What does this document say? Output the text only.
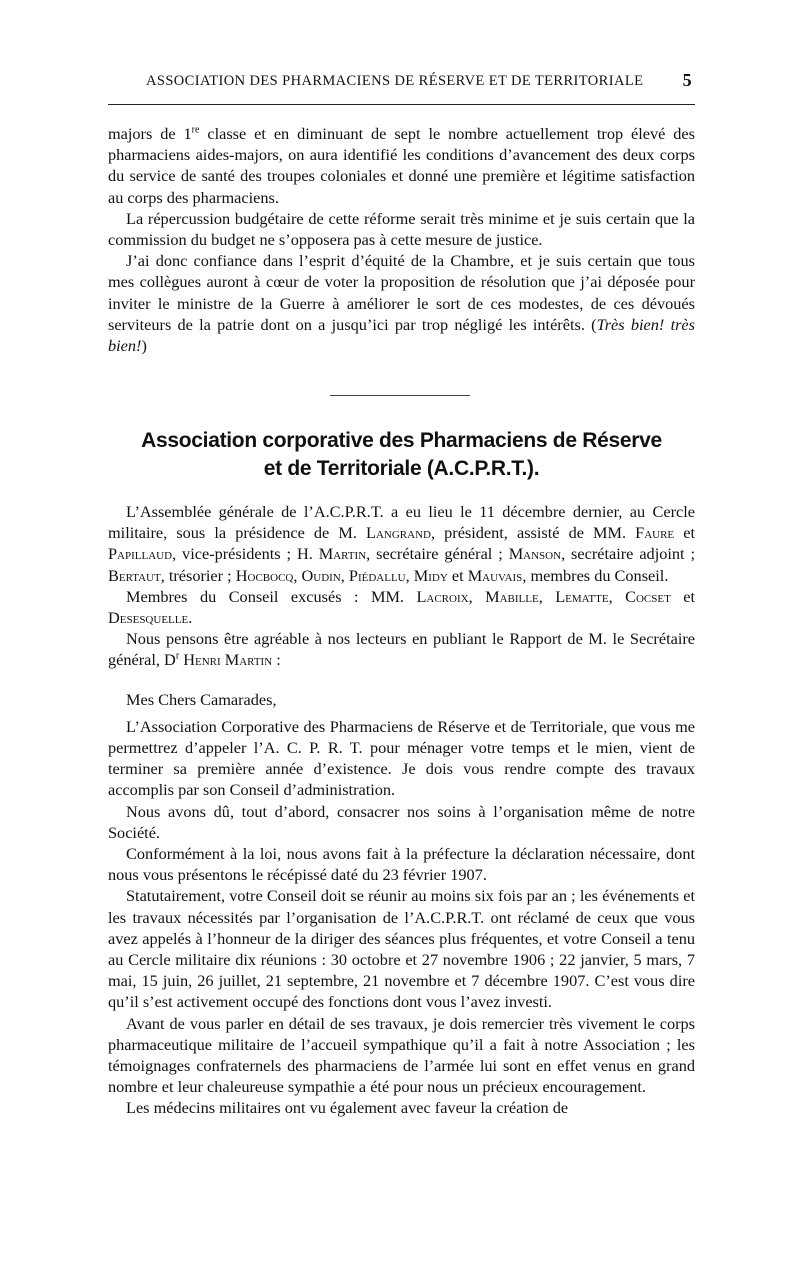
ASSOCIATION DES PHARMACIENS DE RÉSERVE ET DE TERRITORIALE 5

majors de 1re classe et en diminuant de sept le nombre actuellement trop élevé des pharmaciens aides-majors, on aura identifié les conditions d’avancement des deux corps du service de santé des troupes coloniales et donné une première et légitime satisfaction au corps des pharmaciens.

La répercussion budgétaire de cette réforme serait très minime et je suis certain que la commission du budget ne s’opposera pas à cette mesure de justice.

J’ai donc confiance dans l’esprit d’équité de la Chambre, et je suis certain que tous mes collègues auront à cœur de voter la proposition de résolution que j’ai déposée pour inviter le ministre de la Guerre à améliorer le sort de ces modestes, de ces dévoués serviteurs de la patrie dont on a jusqu’ici par trop négligé les intérêts. (Très bien! très bien!)

Association corporative des Pharmaciens de Réserve
et de Territoriale (A.C.P.R.T.).

L’Assemblée générale de l’A.C.P.R.T. a eu lieu le 11 décembre dernier, au Cercle militaire, sous la présidence de M. Langrand, président, assisté de MM. Faure et Papillaud, vice-présidents ; H. Martin, secrétaire général ; Manson, secrétaire adjoint ; Bertaut, trésorier ; Hocbocq, Oudin, Piédallu, Midy et Mauvais, membres du Conseil.

Membres du Conseil excusés : MM. Lacroix, Mabille, Lematte, Cocset et Desesquelle.

Nous pensons être agréable à nos lecteurs en publiant le Rapport de M. le Secrétaire général, $D^r$ Henri Martin :

Mes Chers Camarades,

L’Association Corporative des Pharmaciens de Réserve et de Territoriale, que vous me permettrez d’appeler l’A. C. P. R. T. pour ménager votre temps et le mien, vient de terminer sa première année d’existence. Je dois vous rendre compte des travaux accomplis par son Conseil d’administration.

Nous avons dû, tout d’abord, consacrer nos soins à l’organisation même de notre Société.

Conformément à la loi, nous avons fait à la préfecture la déclaration nécessaire, dont nous vous présentons le récépissé daté du 23 février 1907.

Statutairement, votre Conseil doit se réunir au moins six fois par an ; les événements et les travaux nécessités par l’organisation de l’A.C.P.R.T. ont réclamé de ceux que vous avez appelés à l’honneur de la diriger des séances plus fréquentes, et votre Conseil a tenu au Cercle militaire dix réunions : 30 octobre et 27 novembre 1906 ; 22 janvier, 5 mars, 7 mai, 15 juin, 26 juillet, 21 septembre, 21 novembre et 7 décembre 1907. C’est vous dire qu’il s’est activement occupé des fonctions dont vous l’avez investi.

Avant de vous parler en détail de ses travaux, je dois remercier très vivement le corps pharmaceutique militaire de l’accueil sympathique qu’il a fait à notre Association ; les témoignages confraternels des pharmaciens de l’armée lui sont en effet venus en grand nombre et leur chaleureuse sympathie a été pour nous un précieux encouragement.

Les médecins militaires ont vu également avec faveur la création de
